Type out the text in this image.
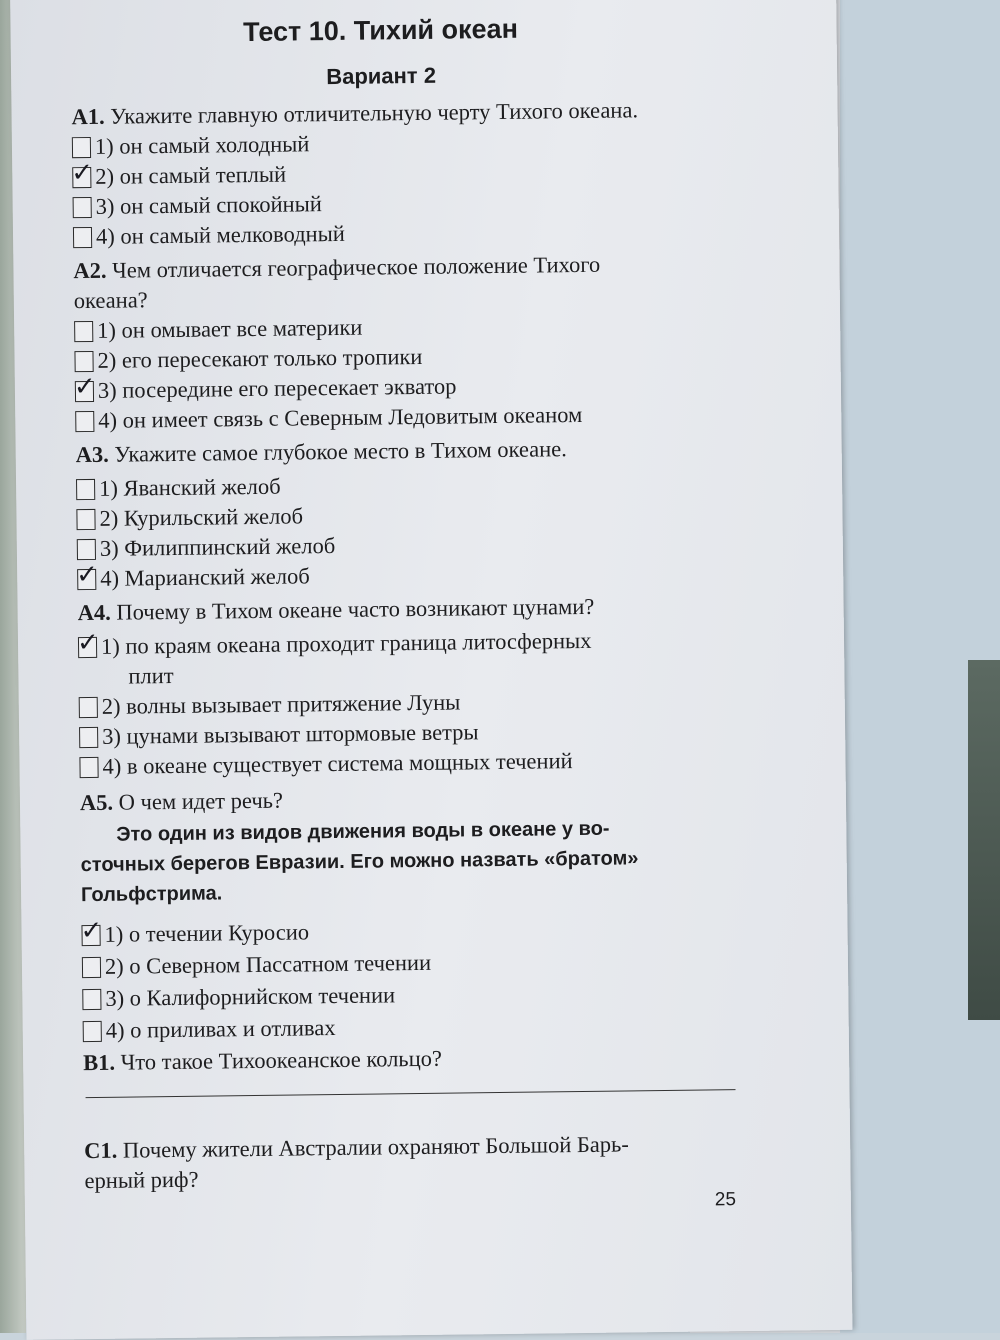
Тест 10. Тихий океан
Вариант 2
А1. Укажите главную отличительную черту Тихого океана.
1) он самый холодный
✓ 2) он самый теплый
3) он самый спокойный
4) он самый мелководный
А2. Чем отличается географическое положение Тихого
океана?
1) он омывает все материки
2) его пересекают только тропики
✓ 3) посередине его пересекает экватор
4) он имеет связь с Северным Ледовитым океаном
А3. Укажите самое глубокое место в Тихом океане.
1) Яванский желоб
2) Курильский желоб
3) Филиппинский желоб
✓ 4) Марианский желоб
А4. Почему в Тихом океане часто возникают цунами?
✓ 1) по краям океана проходит граница литосферных
плит
2) волны вызывает притяжение Луны
3) цунами вызывают штормовые ветры
4) в океане существует система мощных течений
А5. О чем идет речь?
Это один из видов движения воды в океане у во-
сточных берегов Евразии. Его можно назвать «братом»
Гольфстрима.
✓ 1) о течении Куросио
2) о Северном Пассатном течении
3) о Калифорнийском течении
4) о приливах и отливах
В1. Что такое Тихоокеанское кольцо?
С1. Почему жители Австралии охраняют Большой Барь-
ерный риф?
25
